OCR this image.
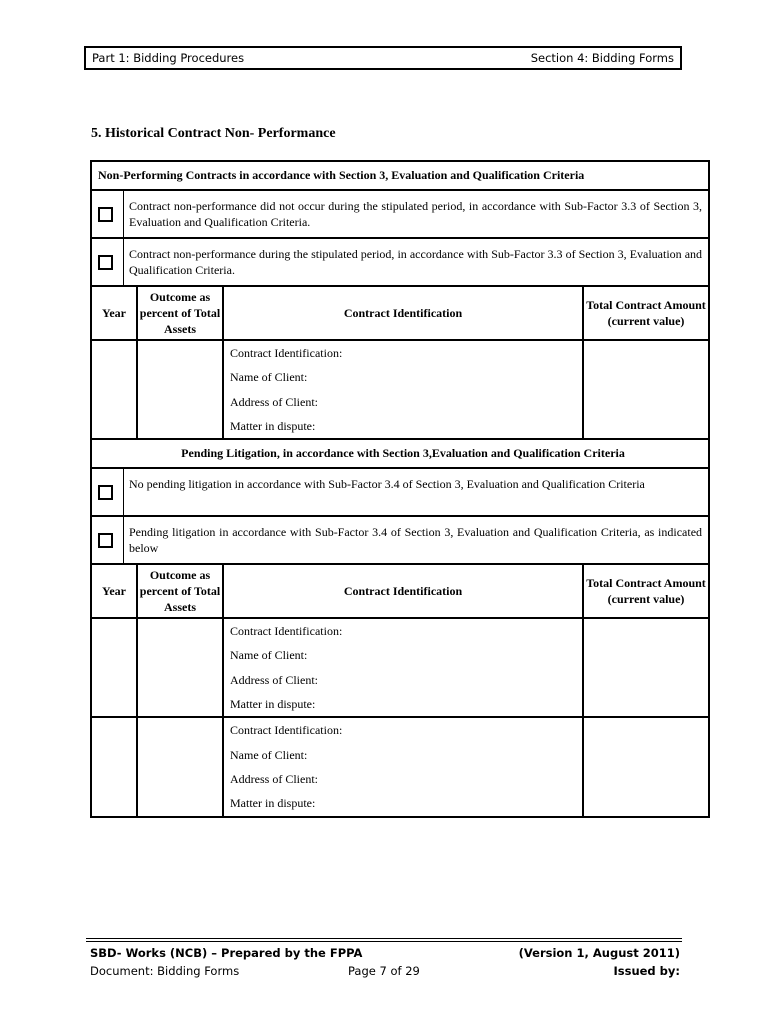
Part 1: Bidding Procedures	Section 4: Bidding Forms
5. Historical Contract Non- Performance
Non-Performing Contracts in accordance with Section 3, Evaluation and Qualification Criteria			

Contract non-performance did not occur during the stipulated period, in accordance with Sub-Factor 3.3 of Section 3, Evaluation and Qualification Criteria.			

Contract non-performance during the stipulated period, in accordance with Sub-Factor 3.3 of Section 3, Evaluation and Qualification Criteria.			

Year	Outcome as percent of Total Assets	Contract Identification	Total Contract Amount (current value)

		Contract Identification:
Name of Client:
Address of Client:
Matter in dispute:	

Pending Litigation, in accordance with Section 3,Evaluation and Qualification Criteria			

No pending litigation in accordance with Sub-Factor 3.4 of Section 3, Evaluation and Qualification Criteria			

Pending litigation in accordance with Sub-Factor 3.4 of Section 3, Evaluation and Qualification Criteria, as indicated below			

Year	Outcome as percent of Total Assets	Contract Identification	Total Contract Amount (current value)

		Contract Identification:
Name of Client:
Address of Client:
Matter in dispute:	

		Contract Identification:
Name of Client:
Address of Client:
Matter in dispute:	

SBD- Works (NCB) – Prepared by the FPPA	(Version 1, August 2011)
Document: Bidding Forms	Page 7 of 29	Issued by:
